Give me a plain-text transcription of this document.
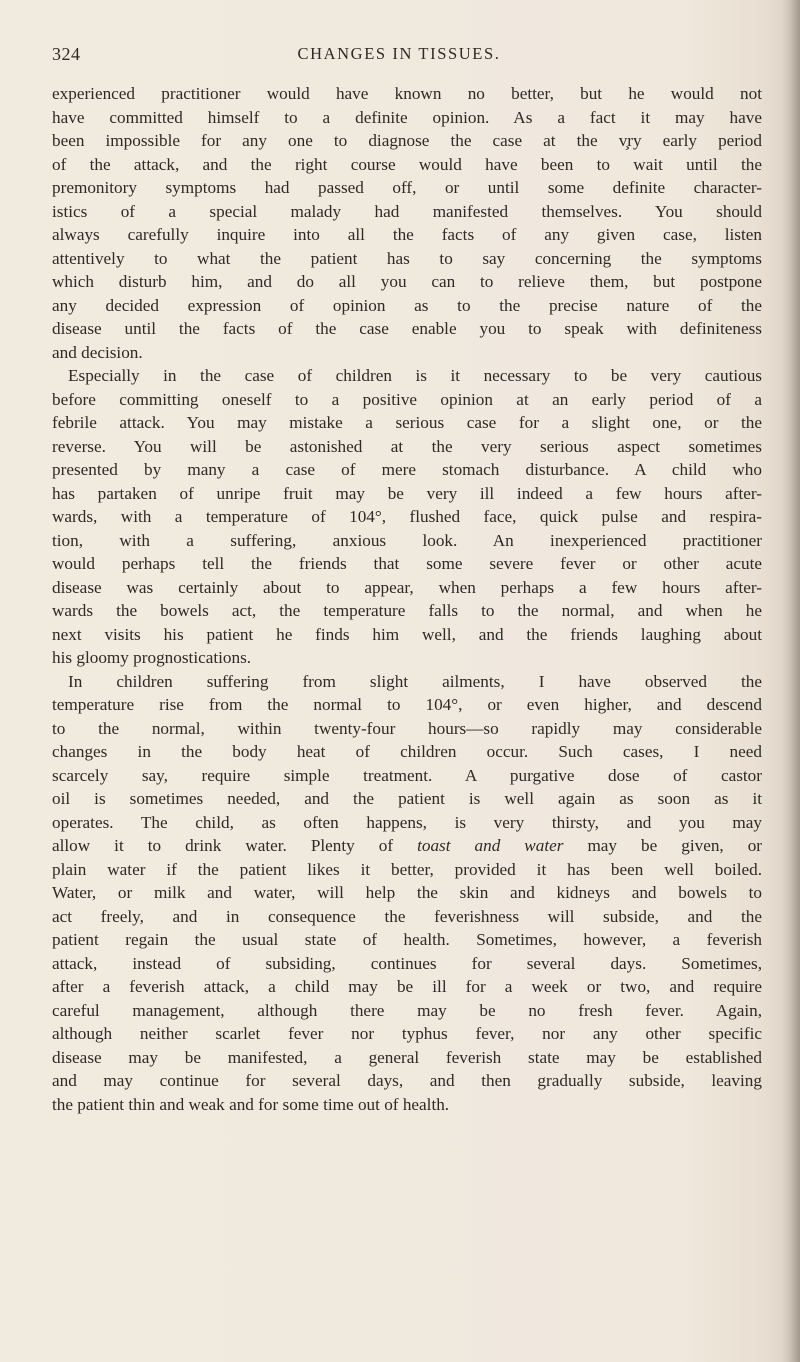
324	CHANGES IN TISSUES.
experienced practitioner would have known no better, but he would not
have committed himself to a definite opinion. As a fact it may have
been impossible for any one to diagnose the case at the v̧ry early period
of the attack, and the right course would have been to wait until the
premonitory symptoms had passed off, or until some definite character-
istics of a special malady had manifested themselves. You should
always carefully inquire into all the facts of any given case, listen
attentively to what the patient has to say concerning the symptoms
which disturb him, and do all you can to relieve them, but postpone
any decided expression of opinion as to the precise nature of the
disease until the facts of the case enable you to speak with definiteness
and decision.
Especially in the case of children is it necessary to be very cautious
before committing oneself to a positive opinion at an early period of a
febrile attack. You may mistake a serious case for a slight one, or the
reverse. You will be astonished at the very serious aspect sometimes
presented by many a case of mere stomach disturbance. A child who
has partaken of unripe fruit may be very ill indeed a few hours after-
wards, with a temperature of 104°, flushed face, quick pulse and respira-
tion, with a suffering, anxious look. An inexperienced practitioner
would perhaps tell the friends that some severe fever or other acute
disease was certainly about to appear, when perhaps a few hours after-
wards the bowels act, the temperature falls to the normal, and when he
next visits his patient he finds him well, and the friends laughing about
his gloomy prognostications.
In children suffering from slight ailments, I have observed the
temperature rise from the normal to 104°, or even higher, and descend
to the normal, within twenty-four hours—so rapidly may considerable
changes in the body heat of children occur. Such cases, I need
scarcely say, require simple treatment. A purgative dose of castor
oil is sometimes needed, and the patient is well again as soon as it
operates. The child, as often happens, is very thirsty, and you may
allow it to drink water. Plenty of toast and water may be given, or
plain water if the patient likes it better, provided it has been well boiled.
Water, or milk and water, will help the skin and kidneys and bowels to
act freely, and in consequence the feverishness will subside, and the
patient regain the usual state of health. Sometimes, however, a feverish
attack, instead of subsiding, continues for several days. Sometimes,
after a feverish attack, a child may be ill for a week or two, and require
careful management, although there may be no fresh fever. Again,
although neither scarlet fever nor typhus fever, nor any other specific
disease may be manifested, a general feverish state may be established
and may continue for several days, and then gradually subside, leaving
the patient thin and weak and for some time out of health.
